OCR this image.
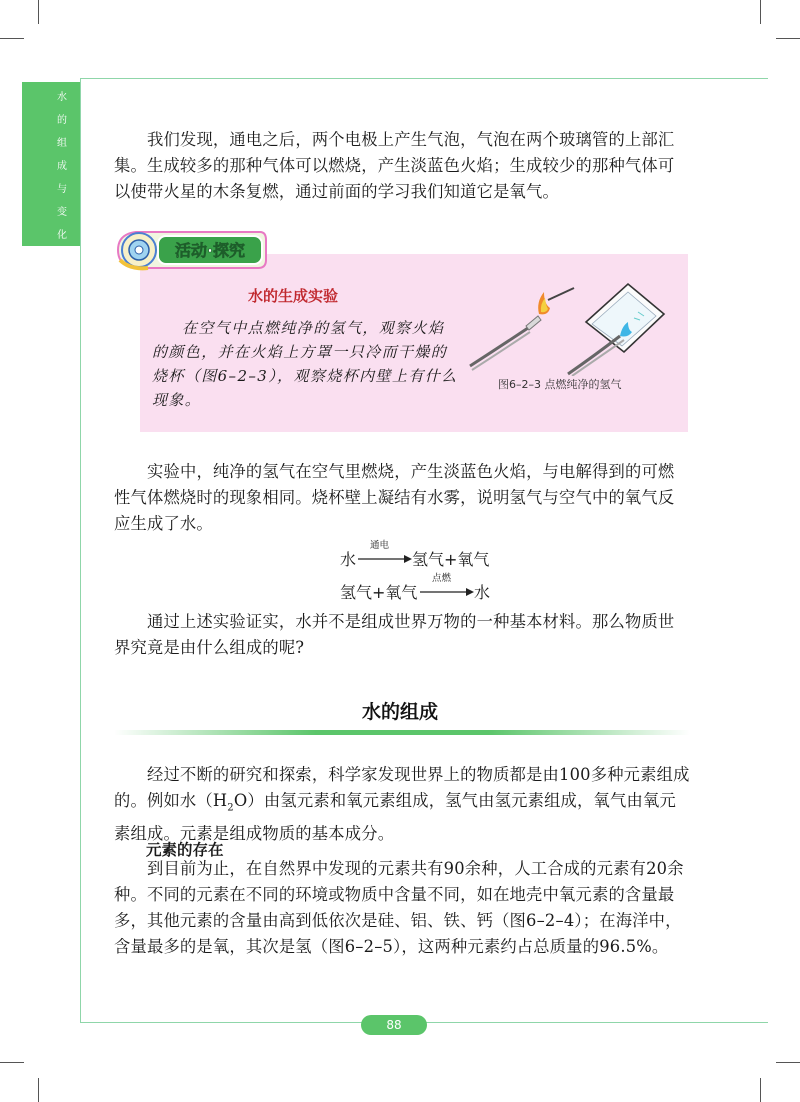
水
的
组
成
与
变
化

我们发现，通电之后，两个电极上产生气泡，气泡在两个玻璃管的上部汇集。生成较多的那种气体可以燃烧，产生淡蓝色火焰；生成较少的那种气体可以使带火星的木条复燃，通过前面的学习我们知道它是氧气。

活动·探究

水的生成实验

在空气中点燃纯净的氢气，观察火焰的颜色，并在火焰上方罩一只冷而干燥的烧杯（图6–2–3），观察烧杯内壁上有什么现象。

图6–2–3 点燃纯净的氢气

实验中，纯净的氢气在空气里燃烧，产生淡蓝色火焰，与电解得到的可燃性气体燃烧时的现象相同。烧杯壁上凝结有水雾，说明氢气与空气中的氧气反应生成了水。

水
通电
→ 氢气+氧气
氢气+氧气
点燃
→ 水

通过上述实验证实，水并不是组成世界万物的一种基本材料。那么物质世界究竟是由什么组成的呢?

水的组成

经过不断的研究和探索，科学家发现世界上的物质都是由100多种元素组成的。例如水$(H_2O)$由氢元素和氧元素组成，氢气由氢元素组成，氧气由氧元素组成。元素是组成物质的基本成分。

元素的存在

到目前为止，在自然界中发现的元素共有90余种，人工合成的元素有20余种。不同的元素在不同的环境或物质中含量不同，如在地壳中氧元素的含量最多，其他元素的含量由高到低依次是硅、铝、铁、钙（图6–2–4）；在海洋中，含量最多的是氧，其次是氢（图6–2–5），这两种元素约占总质量的96.5%。

88
